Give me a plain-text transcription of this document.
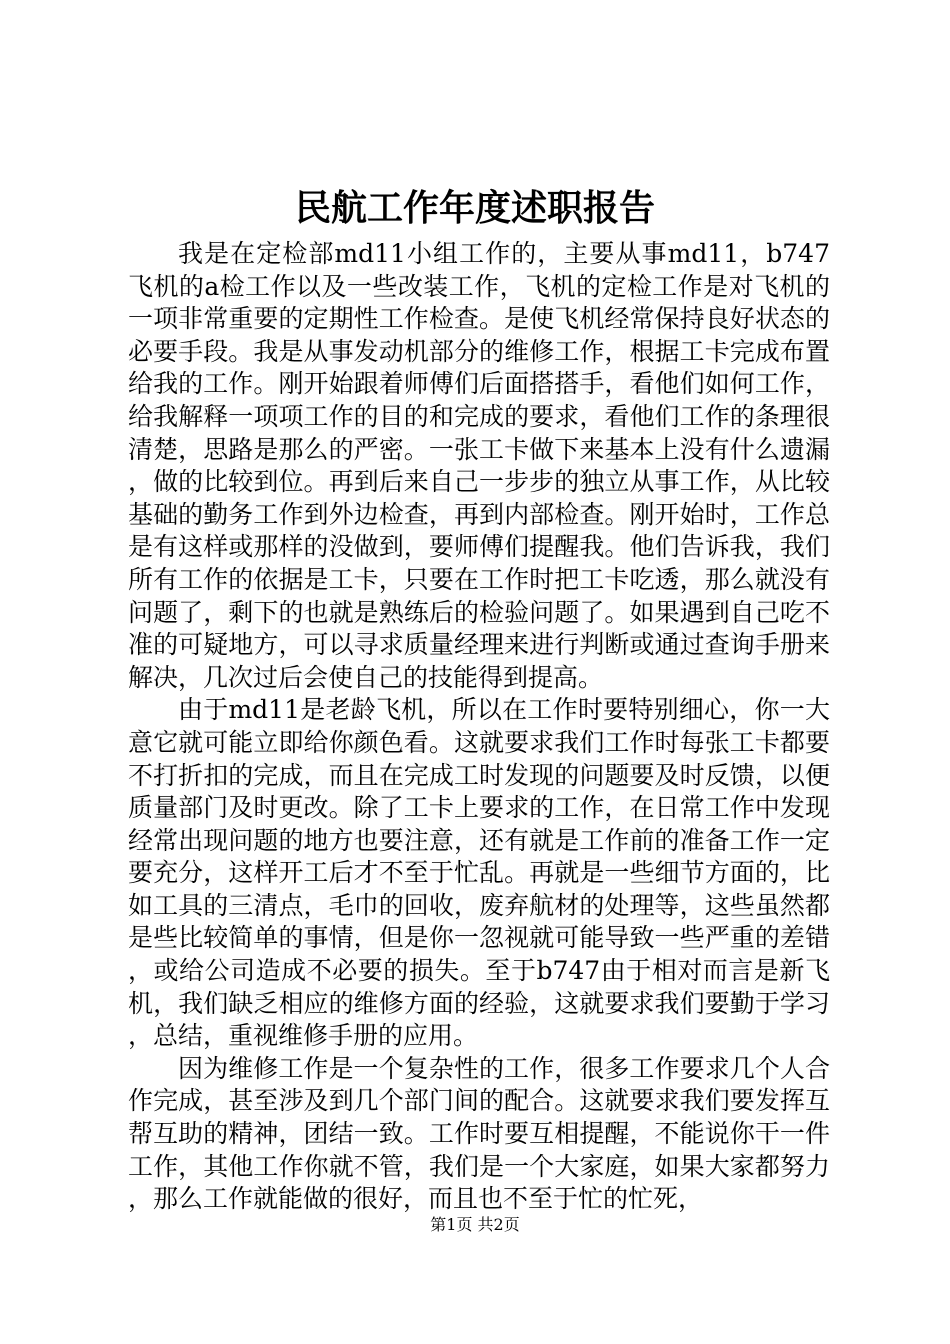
民航工作年度述职报告

我是在定检部md11小组工作的，主要从事md11，b747飞机的a检工作以及一些改装工作，飞机的定检工作是对飞机的一项非常重要的定期性工作检查。是使飞机经常保持良好状态的必要手段。我是从事发动机部分的维修工作，根据工卡完成布置给我的工作。刚开始跟着师傅们后面搭搭手，看他们如何工作，给我解释一项项工作的目的和完成的要求，看他们工作的条理很清楚，思路是那么的严密。一张工卡做下来基本上没有什么遗漏，做的比较到位。再到后来自己一步步的独立从事工作，从比较基础的勤务工作到外边检查，再到内部检查。刚开始时，工作总是有这样或那样的没做到，要师傅们提醒我。他们告诉我，我们所有工作的依据是工卡，只要在工作时把工卡吃透，那么就没有问题了，剩下的也就是熟练后的检验问题了。如果遇到自己吃不准的可疑地方，可以寻求质量经理来进行判断或通过查询手册来解决，几次过后会使自己的技能得到提高。

由于md11是老龄飞机，所以在工作时要特别细心，你一大意它就可能立即给你颜色看。这就要求我们工作时每张工卡都要不打折扣的完成，而且在完成工时发现的问题要及时反馈，以便质量部门及时更改。除了工卡上要求的工作，在日常工作中发现经常出现问题的地方也要注意，还有就是工作前的准备工作一定要充分，这样开工后才不至于忙乱。再就是一些细节方面的，比如工具的三清点，毛巾的回收，废弃航材的处理等，这些虽然都是些比较简单的事情，但是你一忽视就可能导致一些严重的差错，或给公司造成不必要的损失。至于b747由于相对而言是新飞机，我们缺乏相应的维修方面的经验，这就要求我们要勤于学习，总结，重视维修手册的应用。

因为维修工作是一个复杂性的工作，很多工作要求几个人合作完成，甚至涉及到几个部门间的配合。这就要求我们要发挥互帮互助的精神，团结一致。工作时要互相提醒，不能说你干一件工作，其他工作你就不管，我们是一个大家庭，如果大家都努力，那么工作就能做的很好，而且也不至于忙的忙死，

第1页 共2页
